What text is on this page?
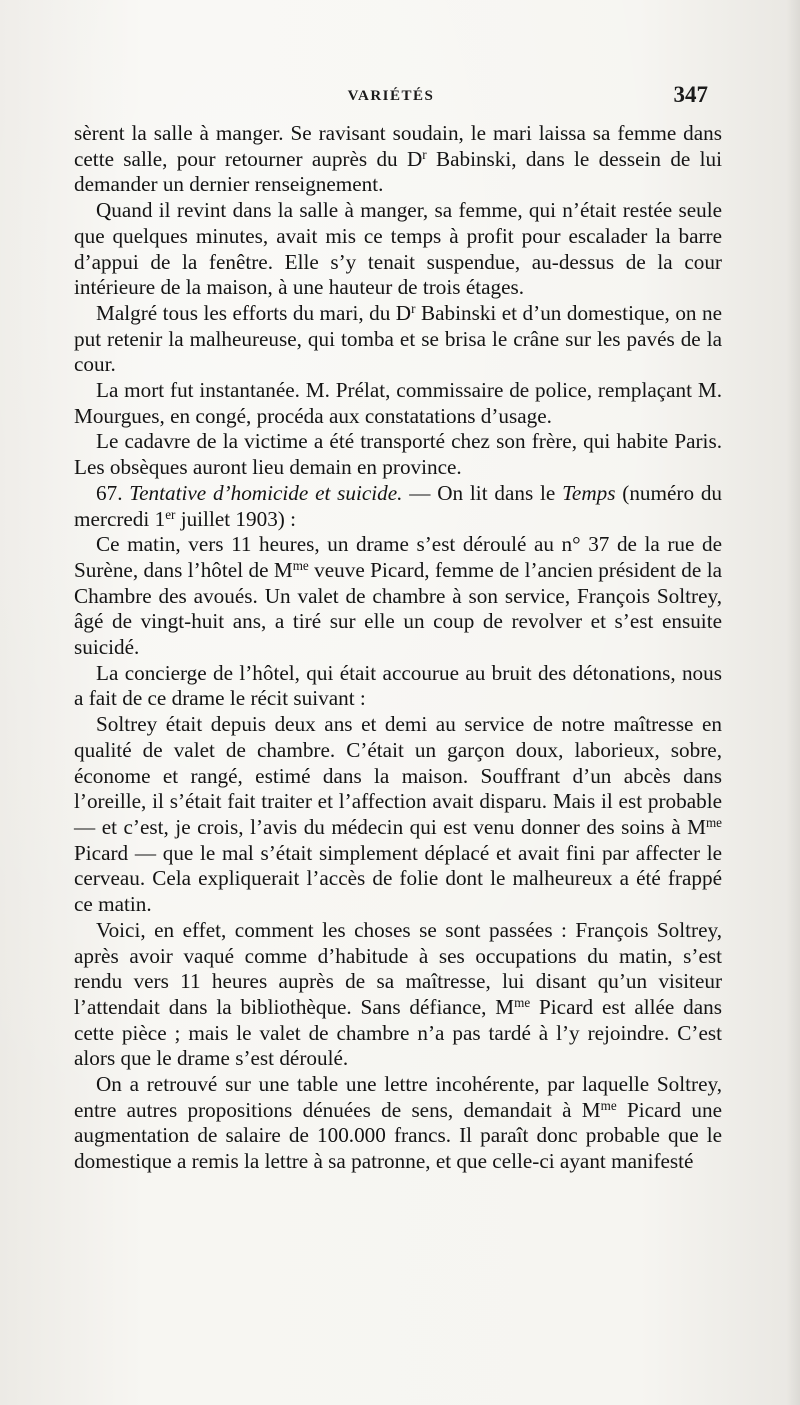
VARIÉTÉS	347

sèrent la salle à manger. Se ravisant soudain, le mari laissa sa femme dans cette salle, pour retourner auprès du $D^r$ Babinski, dans le dessein de lui demander un dernier renseignement.

Quand il revint dans la salle à manger, sa femme, qui n’était restée seule que quelques minutes, avait mis ce temps à profit pour escalader la barre d’appui de la fenêtre. Elle s’y tenait suspendue, au-dessus de la cour intérieure de la maison, à une hauteur de trois étages.

Malgré tous les efforts du mari, du $D^r$ Babinski et d’un domestique, on ne put retenir la malheureuse, qui tomba et se brisa le crâne sur les pavés de la cour.

La mort fut instantanée. M. Prélat, commissaire de police, remplaçant M. Mourgues, en congé, procéda aux constatations d’usage.

Le cadavre de la victime a été transporté chez son frère, qui habite Paris. Les obsèques auront lieu demain en province.

67. Tentative d’homicide et suicide. — On lit dans le Temps (numéro du mercredi 1er juillet 1903) :

Ce matin, vers 11 heures, un drame s’est déroulé au n° 37 de la rue de Surène, dans l’hôtel de $M^{me}$ veuve Picard, femme de l’ancien président de la Chambre des avoués. Un valet de chambre à son service, François Soltrey, âgé de vingt-huit ans, a tiré sur elle un coup de revolver et s’est ensuite suicidé.

La concierge de l’hôtel, qui était accourue au bruit des détonations, nous a fait de ce drame le récit suivant :

Soltrey était depuis deux ans et demi au service de notre maîtresse en qualité de valet de chambre. C’était un garçon doux, laborieux, sobre, économe et rangé, estimé dans la maison. Souffrant d’un abcès dans l’oreille, il s’était fait traiter et l’affection avait disparu. Mais il est probable — et c’est, je crois, l’avis du médecin qui est venu donner des soins à $M^{me}$ Picard — que le mal s’était simplement déplacé et avait fini par affecter le cerveau. Cela expliquerait l’accès de folie dont le malheureux a été frappé ce matin.

Voici, en effet, comment les choses se sont passées : François Soltrey, après avoir vaqué comme d’habitude à ses occupations du matin, s’est rendu vers 11 heures auprès de sa maîtresse, lui disant qu’un visiteur l’attendait dans la bibliothèque. Sans défiance, $M^{me}$ Picard est allée dans cette pièce ; mais le valet de chambre n’a pas tardé à l’y rejoindre. C’est alors que le drame s’est déroulé.

On a retrouvé sur une table une lettre incohérente, par laquelle Soltrey, entre autres propositions dénuées de sens, demandait à $M^{me}$ Picard une augmentation de salaire de 100.000 francs. Il paraît donc probable que le domestique a remis la lettre à sa patronne, et que celle-ci ayant manifesté
